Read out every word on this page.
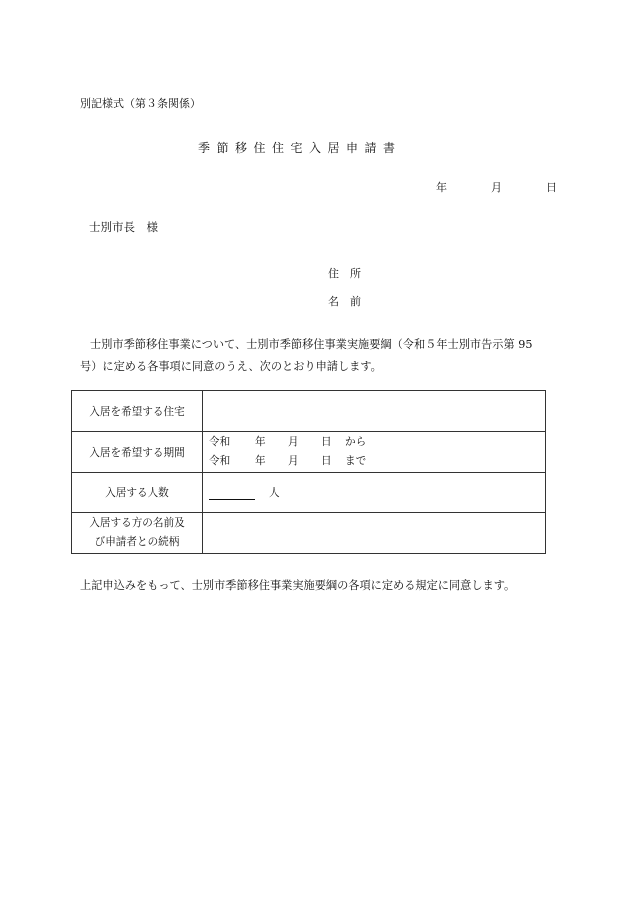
別記様式（第３条関係）
季節移住住宅入居申請書
年	月	日
士別市長　様
住　所
名　前
士別市季節移住事業について、士別市季節移住事業実施要綱（令和５年士別市告示第 95
号）に定める各事項に同意のうえ、次のとおり申請します。
入居を希望する住宅	
入居を希望する期間	令和 年 月 日 から
令和 年 月 日 まで

入居する人数	人

入居する方の名前及
び申請者との続柄	

上記申込みをもって、士別市季節移住事業実施要綱の各項に定める規定に同意します。
